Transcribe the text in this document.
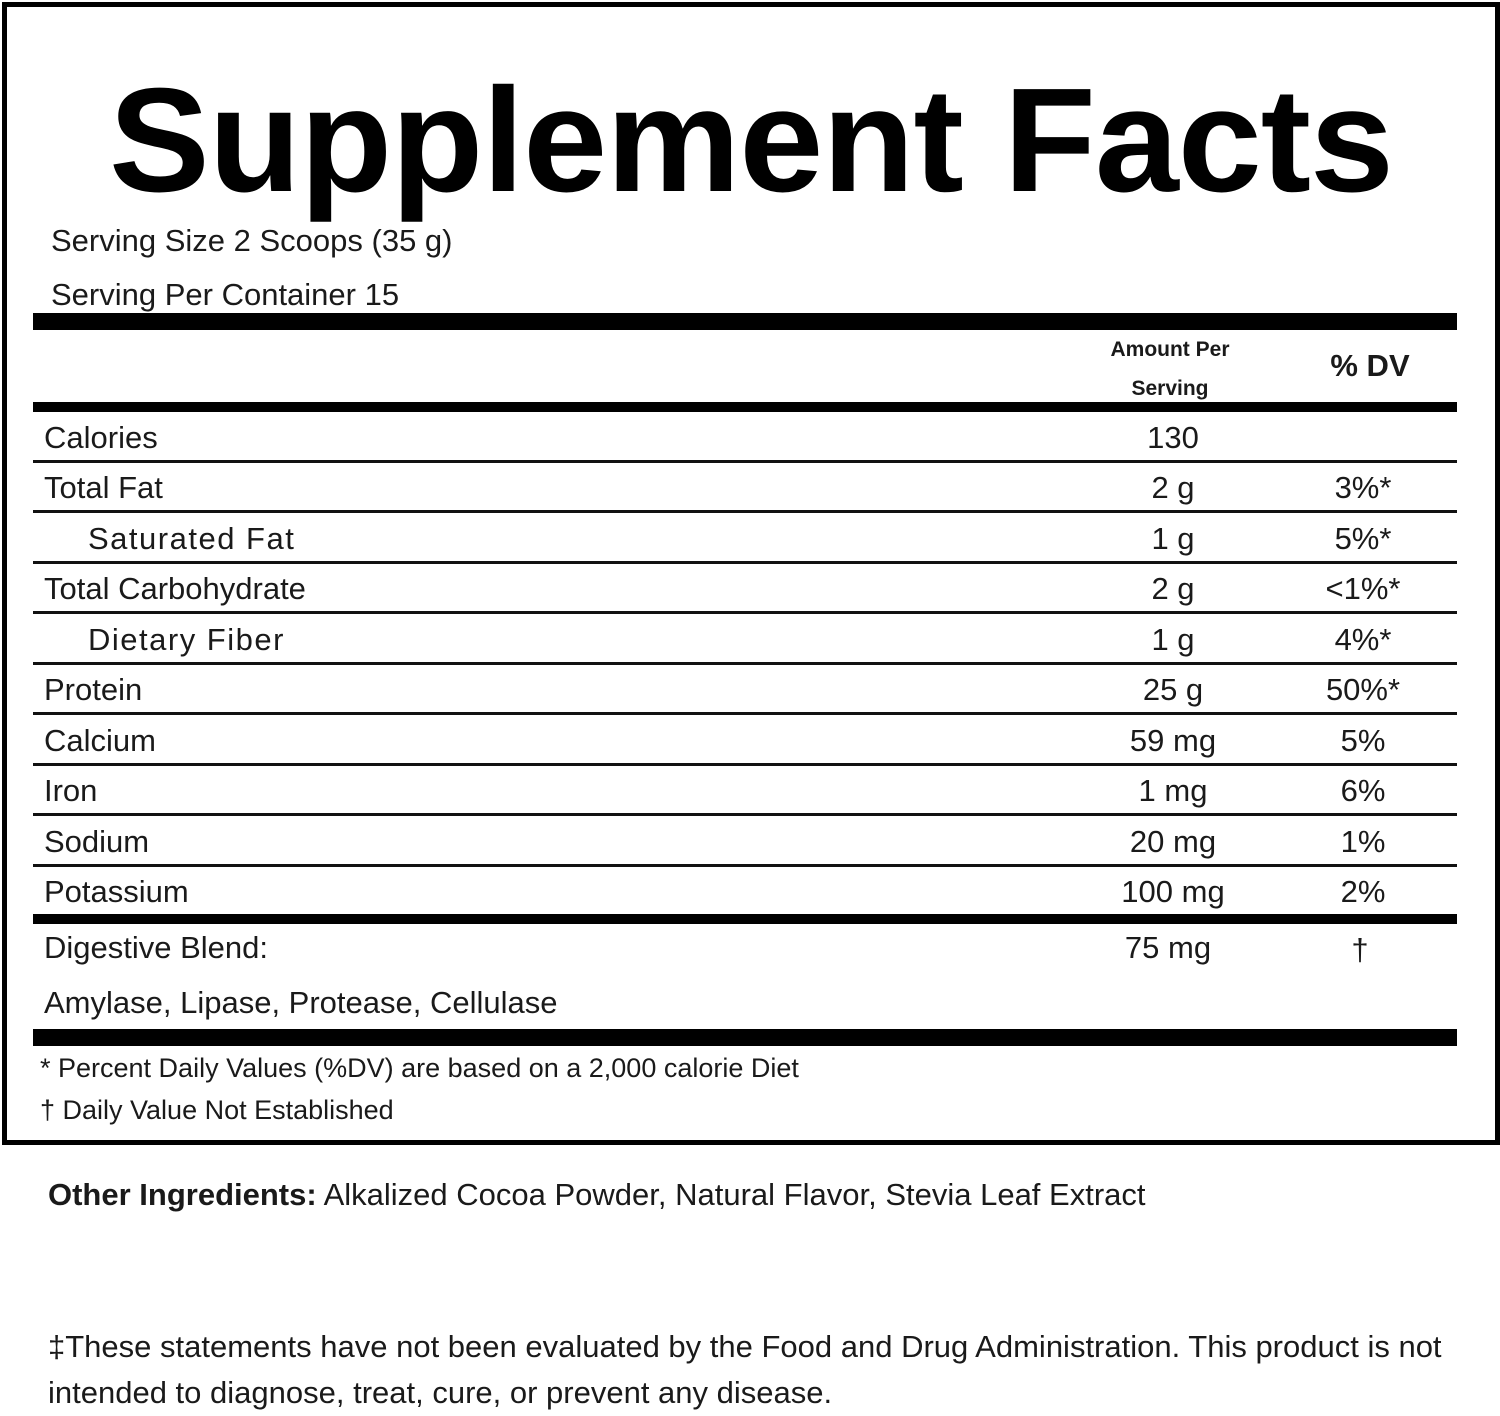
Supplement Facts
Serving Size 2 Scoops (35 g)
Serving Per Container 15
Amount Per
Serving
% DV
Calories	130
Total Fat	2 g	3%*
Saturated Fat	1 g	5%*
Total Carbohydrate	2 g	<1%*
Dietary Fiber	1 g	4%*
Protein	25 g	50%*
Calcium	59 mg	5%
Iron	1 mg	6%
Sodium	20 mg	1%
Potassium	100 mg	2%
Digestive Blend:	75 mg	†
Amylase, Lipase, Protease, Cellulase
* Percent Daily Values (%DV) are based on a 2,000 calorie Diet
† Daily Value Not Established
Other Ingredients: Alkalized Cocoa Powder, Natural Flavor, Stevia Leaf Extract
‡These statements have not been evaluated by the Food and Drug Administration. This product is not intended to diagnose, treat, cure, or prevent any disease.
